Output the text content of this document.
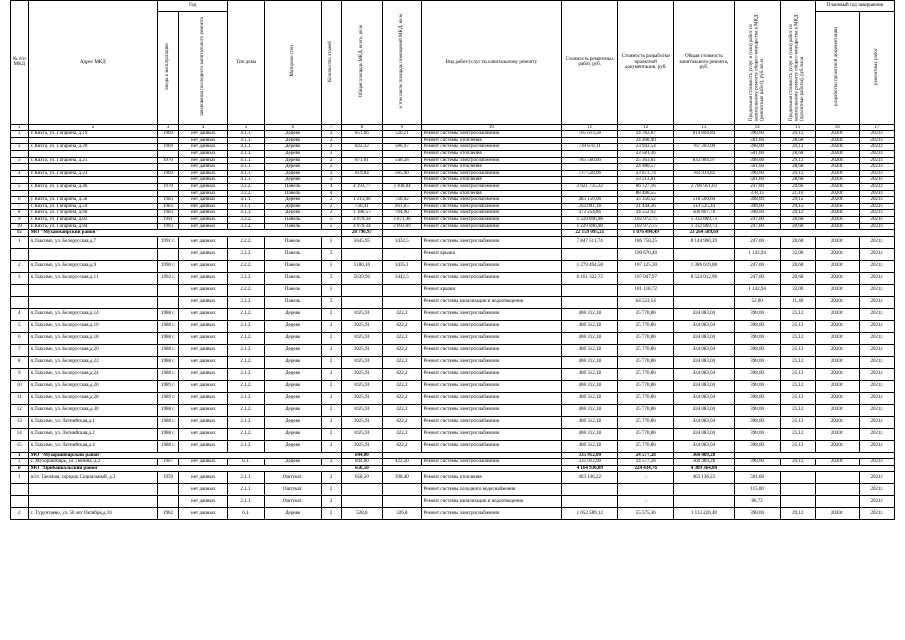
№ п/п МКД	Адрес МКД	Год		Тип дома	Материал стен	Количество этажей	Общая площадь МКД, всего, кв.м	в том числе площадь помещений МКД, кв.м	Вид работ/услуг по капитальному ремонту	Стоимость ремонтных работ, руб.	Стоимость разработки проектной документации, руб.	Общая стоимость капитального ремонта, руб.	Предельная стоимость услуг и (или) работ по капитальному ремонту общего имущества в МКД (ремонтных работ), руб./кв.м	Предельная стоимость услуг и (или) работ по капитальному ремонту общего имущества в МКД (проектные работы), руб./кв.м	Плановый год завершения	
		ввода в эксплуатацию	завершения последнего капитального ремонта												разработки проектной документации	ремонтных работ
1	2	3	4	5	6	7	8	9	10	11	12	13	14	15	16	17
1	г. Кяхта, ул. Гагарина, д.19	1969	нет данных	4.1.1.	Дерево	2	851,66	526,21	Ремонт системы электроснабжения	765 613,58	24 782,87	814 804,84	398,00	29,12	2020г.	2021г.
			нет данных	4.1.1.	Дерево	2			Ремонт системы отопления		24 408,40		501,60	28,68	2020г.	2021г.
2	г. Кяхта, ул. Гагарина, д.20	1969	нет данных	4.1.1.	Дерево	2	822,22	506,97	Ремонт системы электроснабжения	739 678,11	23 943,54	787 203,00	398,00	29,12	2020г.	2021г.
			нет данных	4.1.1.	Дерево	2			Ремонт системы отопления		23 581,36		501,60	28,68	2020г.	2021г.
3	г. Кяхта, ул. Гагарина, д.21	1970	нет данных	4.1.1.	Дерево	2	871,01	540,28	Ремонт системы электроснабжения	783 560,60	25 363,81	833 904,97	398,00	29,12	2020г.	2021г.
			нет данных	4.1.1.	Дерево	2			Ремонт системы отопления		24 980,57		501,60	28,68	2020г.	2021г.
4	г. Кяхта, ул. Гагарина, д.23	1969	нет данных	4.1.1.	Дерево	2	819,84	505,90	Ремонт системы электроснабжения	737 528,06	23 873,74	784 914,82	398,00	29,12	2020г.	2021г.
			нет данных	4.1.1.	Дерево	2			Ремонт системы отопления		23 513,01		501,60	28,68	2020г.	2021г.
5	г. Кяхта, ул. Гагарина, д.46	1970	нет данных	3.2.2.	Панель	4	4 193,77	3 108,84	Ремонт системы электроснабжения	2 621 735,32	86 727,16	2 706 951,03	247,00	20,66	2020г.	2021г.
			нет данных	3.2.2.	Панель	4			Ремонт системы отопления		88 488,55		378,15	21,10	2020г.	2021г.
6	г. Кяхта, ул. Гагарина, д.58	1983	нет данных	4.1.1.	Дерево	2	1 213,96	720,02	Ремонт системы электроснабжения	483 156,08	35 350,52	518 506,60	398,00	29,12	2020г.	2021г.
7	г. Кяхта, ул. Гагарина, д.59	1983	нет данных	4.1.1.	Дерево	2	736,41	461,05	Ремонт системы электроснабжения	293 091,18	21 444,26	314 535,44	398,00	29,12	2020г.	2021г.
8	г. Кяхта, ул. Гагарина, д.60	1983	нет данных	4.1.1.	Дерево	2	1 186,57	704,90	Ремонт системы электроснабжения	472 254,86	34 552,92	506 807,78	398,00	29,12	2020г.	2021г.
9	г. Кяхта, ул. Гагарина, д.82	1991	нет данных	3.2.2.	Панель	5	4 979,34	3 671,46	Ремонт системы электроснабжения	1 229 896,98	102 972,75	1 332 869,73	247,00	20,68	2020г.	2021г.
10	г. Кяхта, ул. Гагарина, д.84	1993	нет данных	3.2.2.	Панель	5	4 979,34	3 693,09	Ремонт системы электроснабжения	1 229 896,98	102 972,75	1 332 869,73	247,00	20,68	2020г.	2021г.
15	МО "Мухаймайрский район"						28 796,97			22 159 095,21	1 076 494,49	23 264 589,69				
1	п.Таксимо, ул. Белорусская,д.7	1991 г.	нет данных	2.2.2.	Панель	5	5645,95	3432,5	Ремонт системы электроснабжения	7 847 511,74	186 758,25	8 144 960,39	247,00	20,68	2020г.	2021г.
			нет данных	2.2.2.	Панель	5			Ремонт крыши		190 670,40		1 142,94	32,00	2020г.	2021г.
2	п.Таксимо, ул. Белорусская,д.9	1990 г.	нет данных	2.2.2.	Панель	5	5180,16	3435,1	Ремонт системы электроснабжения	1 279 494,58	107 125,30	1 386 619,88	247,00	20,68	2020г.	2021г.
3	п.Таксимо, ул. Белорусская,д.11	1992 г.	нет данных	2.2.2.	Панель	5	5639,96	3442,5	Ремонт системы электроснабжения	8 161 322,72	107 047,97	8 524 012,96	247,00	20,68	2020г.	2021г.
			нет данных	2.2.2.	Панель	5			Ремонт крыши		181 118,72		1 142,94	32,00	2020г.	2021г.
			нет данных	2.2.2.	Панель	5			Ремонт системы канализации и водоотведения		64 523,54		52,00	11,40	2020г.	2021г.
4	п.Таксимо, ул. Белорусская,д.14	1988 г.	нет данных	2.1.2.	Дерево	2	1025,91	422,2	Ремонт системы электроснабжения	408 312,18	25 770,86	434 083,04	398,00	25,12	2020г.	2021г.
5	п.Таксимо, ул. Белорусская,д.16	1988 г.	нет данных	2.1.2.	Дерево	2	1025,91	422,2	Ремонт системы электроснабжения	408 312,18	25 770,86	434 083,04	398,00	25,12	2020г.	2021г.
6	п.Таксимо, ул. Белорусская,д.18	1988 г.	нет данных	2.1.2.	Дерево	2	1025,91	422,2	Ремонт системы электроснабжения	408 312,18	25 770,86	434 083,04	398,00	25,12	2020г.	2021г.
7	п.Таксимо, ул. Белорусская,д.20	1988 г.	нет данных	2.1.2.	Дерево	2	1025,91	422,2	Ремонт системы электроснабжения	408 312,18	25 770,86	434 083,04	398,00	25,12	2020г.	2021г.
8	п.Таксимо, ул. Белорусская,д.22	1988 г.	нет данных	2.1.2.	Дерево	2	1025,91	422,2	Ремонт системы электроснабжения	408 312,18	25 770,86	434 083,04	398,00	25,12	2020г.	2021г.
9	п.Таксимо, ул. Белорусская,д.24	1988 г.	нет данных	2.1.2.	Дерево	2	1025,91	422,2	Ремонт системы электроснабжения	408 312,18	25 770,86	434 083,04	398,00	25,12	2020г.	2021г.
10	п.Таксимо, ул. Белорусская,д.26	1989 г.	нет данных	2.1.2.	Дерево	2	1025,91	422,2	Ремонт системы электроснабжения	408 312,18	25 770,86	434 083,04	398,00	25,12	2020г.	2021г.
11	п.Таксимо, ул. Белорусская,д.28	1989 г.	нет данных	2.1.2.	Дерево	2	1025,91	422,2	Ремонт системы электроснабжения	408 312,18	25 770,86	434 083,04	398,00	25,12	2020г.	2021г.
12	п.Таксимо, ул. Белорусская,д.30	1988 г.	нет данных	2.1.2.	Дерево	2	1025,91	422,2	Ремонт системы электроснабжения	408 312,18	25 770,86	434 083,04	398,00	25,12	2020г.	2021г.
13	п.Таксимо, ул. Летнийская,д.1	1988 г.	нет данных	2.1.2.	Дерево	2	1025,91	422,2	Ремонт системы электроснабжения	408 312,18	25 770,86	434 083,04	398,00	25,12	2020г.	2021г.
14	п.Таксимо, ул. Летнийская,д.2	1988 г.	нет данных	2.1.2.	Дерево	2	1025,91	422,2	Ремонт системы электроснабжения	408 312,18	25 770,86	434 083,04	398,00	25,12	2020г.	2021г.
15	п.Таксимо, ул. Летнийская,д.4	1988 г.	нет данных	2.1.2.	Дерево	2	1025,91	422,2	Ремонт системы электроснабжения	408 312,18	25 770,86	434 083,04	398,00	25,12	2020г.	2021г.
1	МО "Мухоршибирский район"						844,00			335 912,00	24 577,28	360 489,28				
1	с. Мухоршибирь, ул. Ленина, д.2	1967	нет данных	6.1.	Дерево	2	844,00	422,20	Ремонт системы электроснабжения	335 912,00	24 577,28	360 489,28	398,00	29,12	2020г.	2021г.
6	МО "Прибайкальский район"						658,50			4 164 930,09	224 434,76	4 389 364,84				
1	п/ст. Таежная, городок Социальный, д.3	1959	нет данных	2.1.1.	Оштукат.	2	658,50	398,40	Ремонт системы отопления	463 136,22	-	463 136,22	501,60			2021г.
			нет данных	2.1.1.	Оштукат.	2			Ремонт системы холодного водоснабжения				115,00			2021г.
			нет данных	2.1.1.	Оштукат.	2			Ремонт системы канализации и водоотведения		-		86,72			2021г.
2	с. Турунтаево, ул. 50 лет Октября,д.10	1962	нет данных	6.1.	Дерево	2	528,0	326,8	Ремонт системы электроснабжения	1 052 589,12	55 575,36	1 113 220,48	398,00	29,12	2020г.	2021г.
